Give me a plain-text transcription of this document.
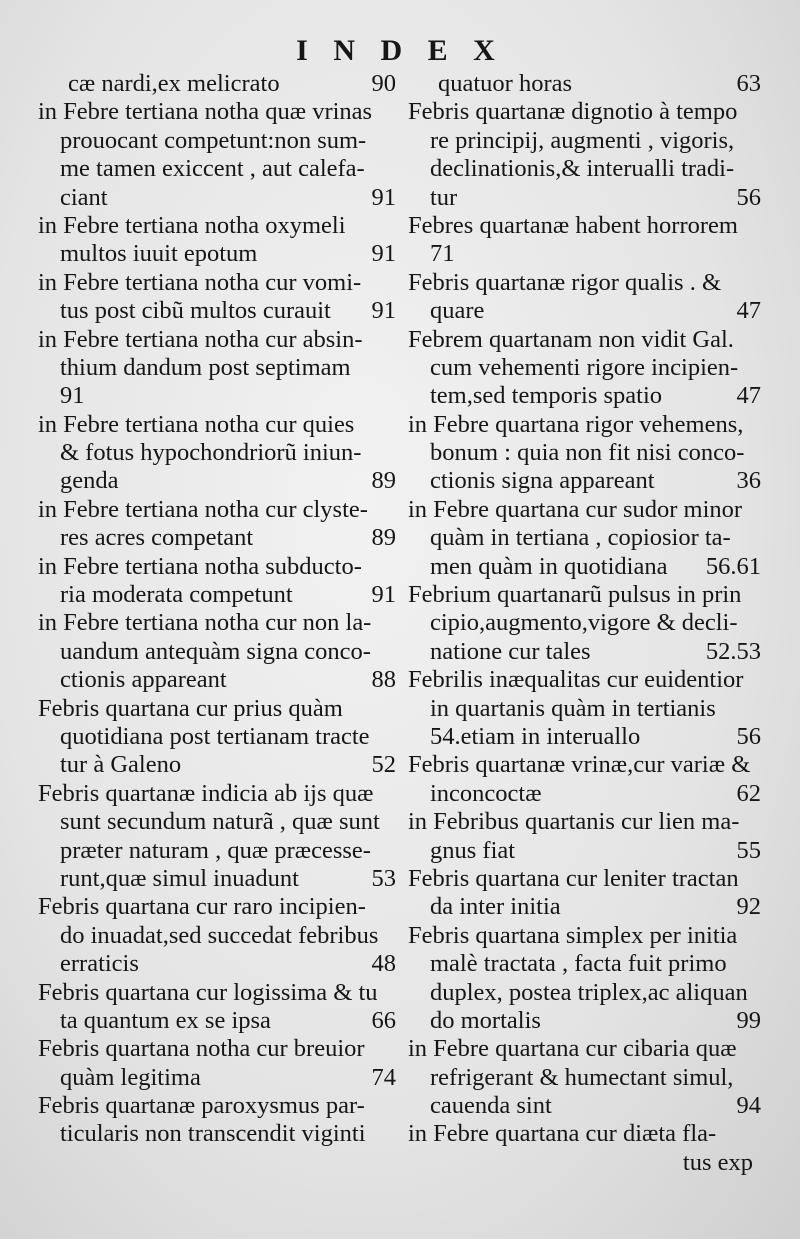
I N D E X
cæ nardi,ex melicrato	90
in Febre tertiana notha quæ vrinas
prouocant competunt:non sum-
me tamen exiccent , aut calefa-
ciant	91
in Febre tertiana notha oxymeli
multos iuuit epotum	91
in Febre tertiana notha cur vomi-
tus post cibũ multos curauit 91
in Febre tertiana notha cur absin-
thium dandum post septimam
91
in Febre tertiana notha cur quies
& fotus hypochondriorũ iniun-
genda	89
in Febre tertiana notha cur clyste-
res acres competant	89
in Febre tertiana notha subducto-
ria moderata competunt	91
in Febre tertiana notha cur non la-
uandum antequàm signa conco-
ctionis appareant	88
Febris quartana cur prius quàm
quotidiana post tertianam tracte
tur à Galeno	52
Febris quartanæ indicia ab ijs quæ
sunt secundum naturã , quæ sunt
præter naturam , quæ præcesse-
runt,quæ simul inuadunt	53
Febris quartana cur raro incipien-
do inuadat,sed succedat febribus
erraticis	48
Febris quartana cur logissima & tu
ta quantum ex se ipsa	66
Febris quartana notha cur breuior
quàm legitima	74
Febris quartanæ paroxysmus par-
ticularis non transcendit viginti
quatuor horas	63
Febris quartanæ dignotio à tempo
re principij, augmenti , vigoris,
declinationis,& interualli tradi-
tur	56
Febres quartanæ habent horrorem
71
Febris quartanæ rigor qualis . &
quare	47
Febrem quartanam non vidit Gal.
cum vehementi rigore incipien-
tem,sed temporis spatio	47
in Febre quartana rigor vehemens,
bonum : quia non fit nisi conco-
ctionis signa appareant	36
in Febre quartana cur sudor minor
quàm in tertiana , copiosior ta-
men quàm in quotidiana 56.61
Febrium quartanarũ pulsus in prin
cipio,augmento,vigore & decli-
natione cur tales	52.53
Febrilis inæqualitas cur euidentior
in quartanis quàm in tertianis
54.etiam in interuallo	56
Febris quartanæ vrinæ,cur variæ &
inconcoctæ	62
in Febribus quartanis cur lien ma-
gnus fiat	55
Febris quartana cur leniter tractan
da inter initia	92
Febris quartana simplex per initia
malè tractata , facta fuit primo
duplex, postea triplex,ac aliquan
do mortalis	99
in Febre quartana cur cibaria quæ
refrigerant & humectant simul,
cauenda sint	94
in Febre quartana cur diæta fla-
tus exp
